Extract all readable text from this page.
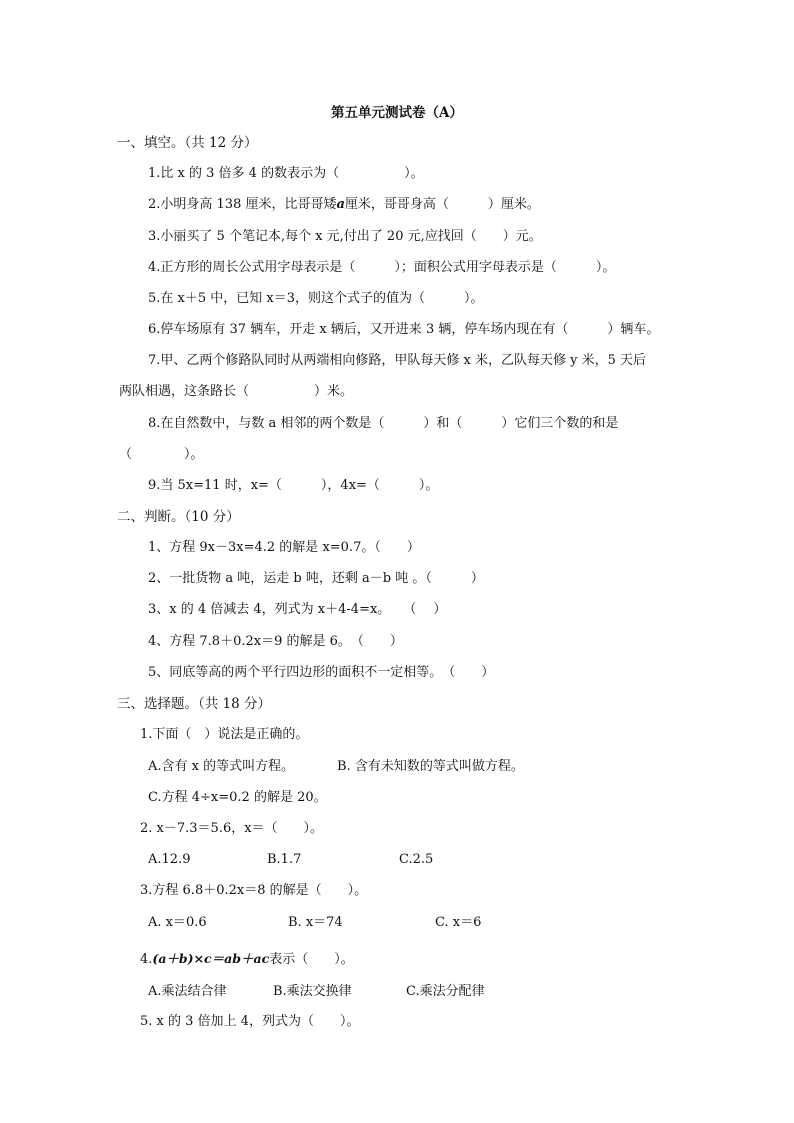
第五单元测试卷（A）
一、填空。（共 12 分）
1.比 x 的 3 倍多 4 的数表示为（　　　　　）。
2.小明身高 138 厘米，比哥哥矮a厘米，哥哥身高（　　　）厘米。
3.小丽买了 5 个笔记本,每个 x 元,付出了 20 元,应找回（　　）元。
4.正方形的周长公式用字母表示是（　　　）；面积公式用字母表示是（　　　）。
5.在 x＋5 中，已知 x＝3，则这个式子的值为（　　　）。
6.停车场原有 37 辆车，开走 x 辆后，又开进来 3 辆，停车场内现在有（　　　）辆车。
7.甲、乙两个修路队同时从两端相向修路，甲队每天修 x 米，乙队每天修 y 米，5 天后
两队相遇，这条路长（　　　　　）米。
8.在自然数中，与数 a 相邻的两个数是（　　　）和（　　　）它们三个数的和是
（　　　　）。
9.当 5x=11 时，x=（　　　），4x=（　　　）。
二、判断。（10 分）
1、方程 9x－3x=4.2 的解是 x=0.7。（　　）
2、一批货物 a 吨，运走 b 吨，还剩 a－b 吨 。（　　　）
3、x 的 4 倍减去 4，列式为 x＋4-4=x。　　（　 ）
4、方程 7.8＋0.2x＝9 的解是 6。　（　　）
5、同底等高的两个平行四边形的面积不一定相等。　（　　）
三、选择题。（共 18 分）
1.下面（　）说法是正确的。
A.含有 x 的等式叫方程。	B. 含有未知数的等式叫做方程。
C.方程 4÷x=0.2 的解是 20。
2. x－7.3＝5.6，x＝（　　）。
A.12.9	B.1.7	C.2.5
3.方程 6.8＋0.2x＝8 的解是（　　）。
A. x＝0.6	B. x＝74	C. x＝6
4.(a＋b)×c＝ab＋ac表示（　　）。
A.乘法结合律	B.乘法交换律	C.乘法分配律
5. x 的 3 倍加上 4，列式为（　　）。
